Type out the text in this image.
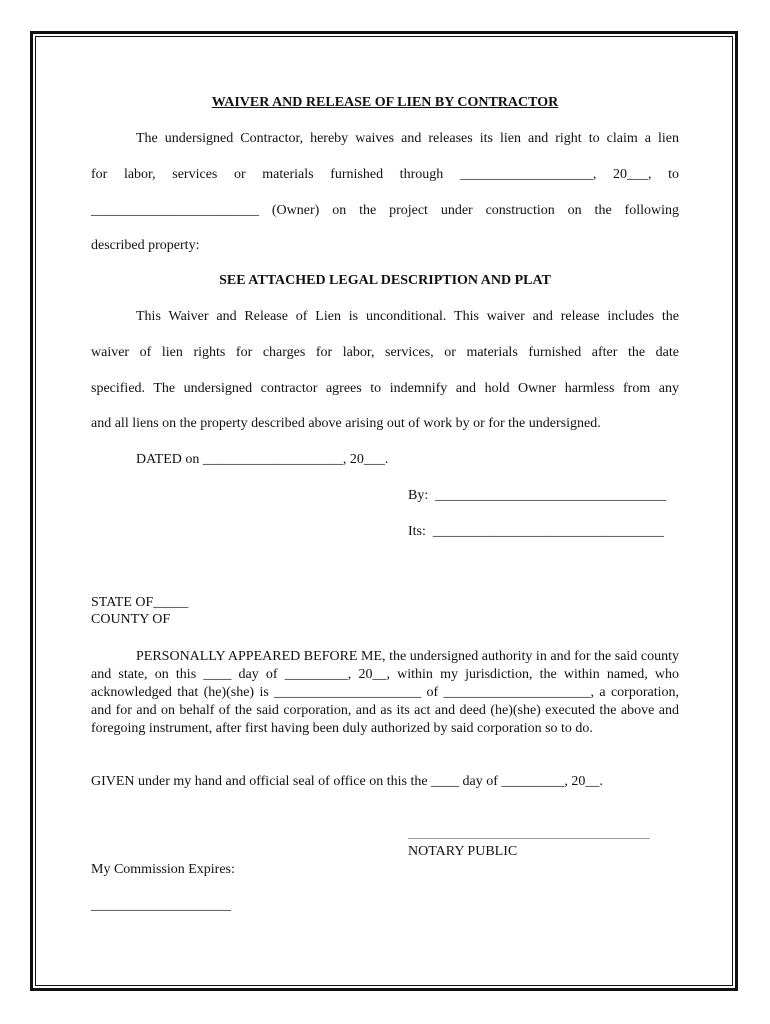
WAIVER AND RELEASE OF LIEN BY CONTRACTOR
The undersigned Contractor, hereby waives and releases its lien and right to claim a lien
for labor, services or materials furnished through ___________________, 20___, to
________________________ (Owner) on the project under construction on the following
described property:
SEE ATTACHED LEGAL DESCRIPTION AND PLAT
This Waiver and Release of Lien is unconditional. This waiver and release includes the
waiver of lien rights for charges for labor, services, or materials furnished after the date
specified. The undersigned contractor agrees to indemnify and hold Owner harmless from any
and all liens on the property described above arising out of work by or for the undersigned.
DATED on ____________________, 20___.
By:  _________________________________
Its:  _________________________________
STATE OF_____
COUNTY OF
PERSONALLY APPEARED BEFORE ME, the undersigned authority in and for the said county and state, on this ____ day of _________, 20__, within my jurisdiction, the within named, who acknowledged that (he)(she) is _____________________ of _____________________, a corporation, and for and on behalf of the said corporation, and as its act and deed (he)(she) executed the above and foregoing instrument, after first having been duly authorized by said corporation so to do.
GIVEN under my hand and official seal of office on this the ____ day of _________, 20__.
NOTARY PUBLIC
My Commission Expires:
____________________
